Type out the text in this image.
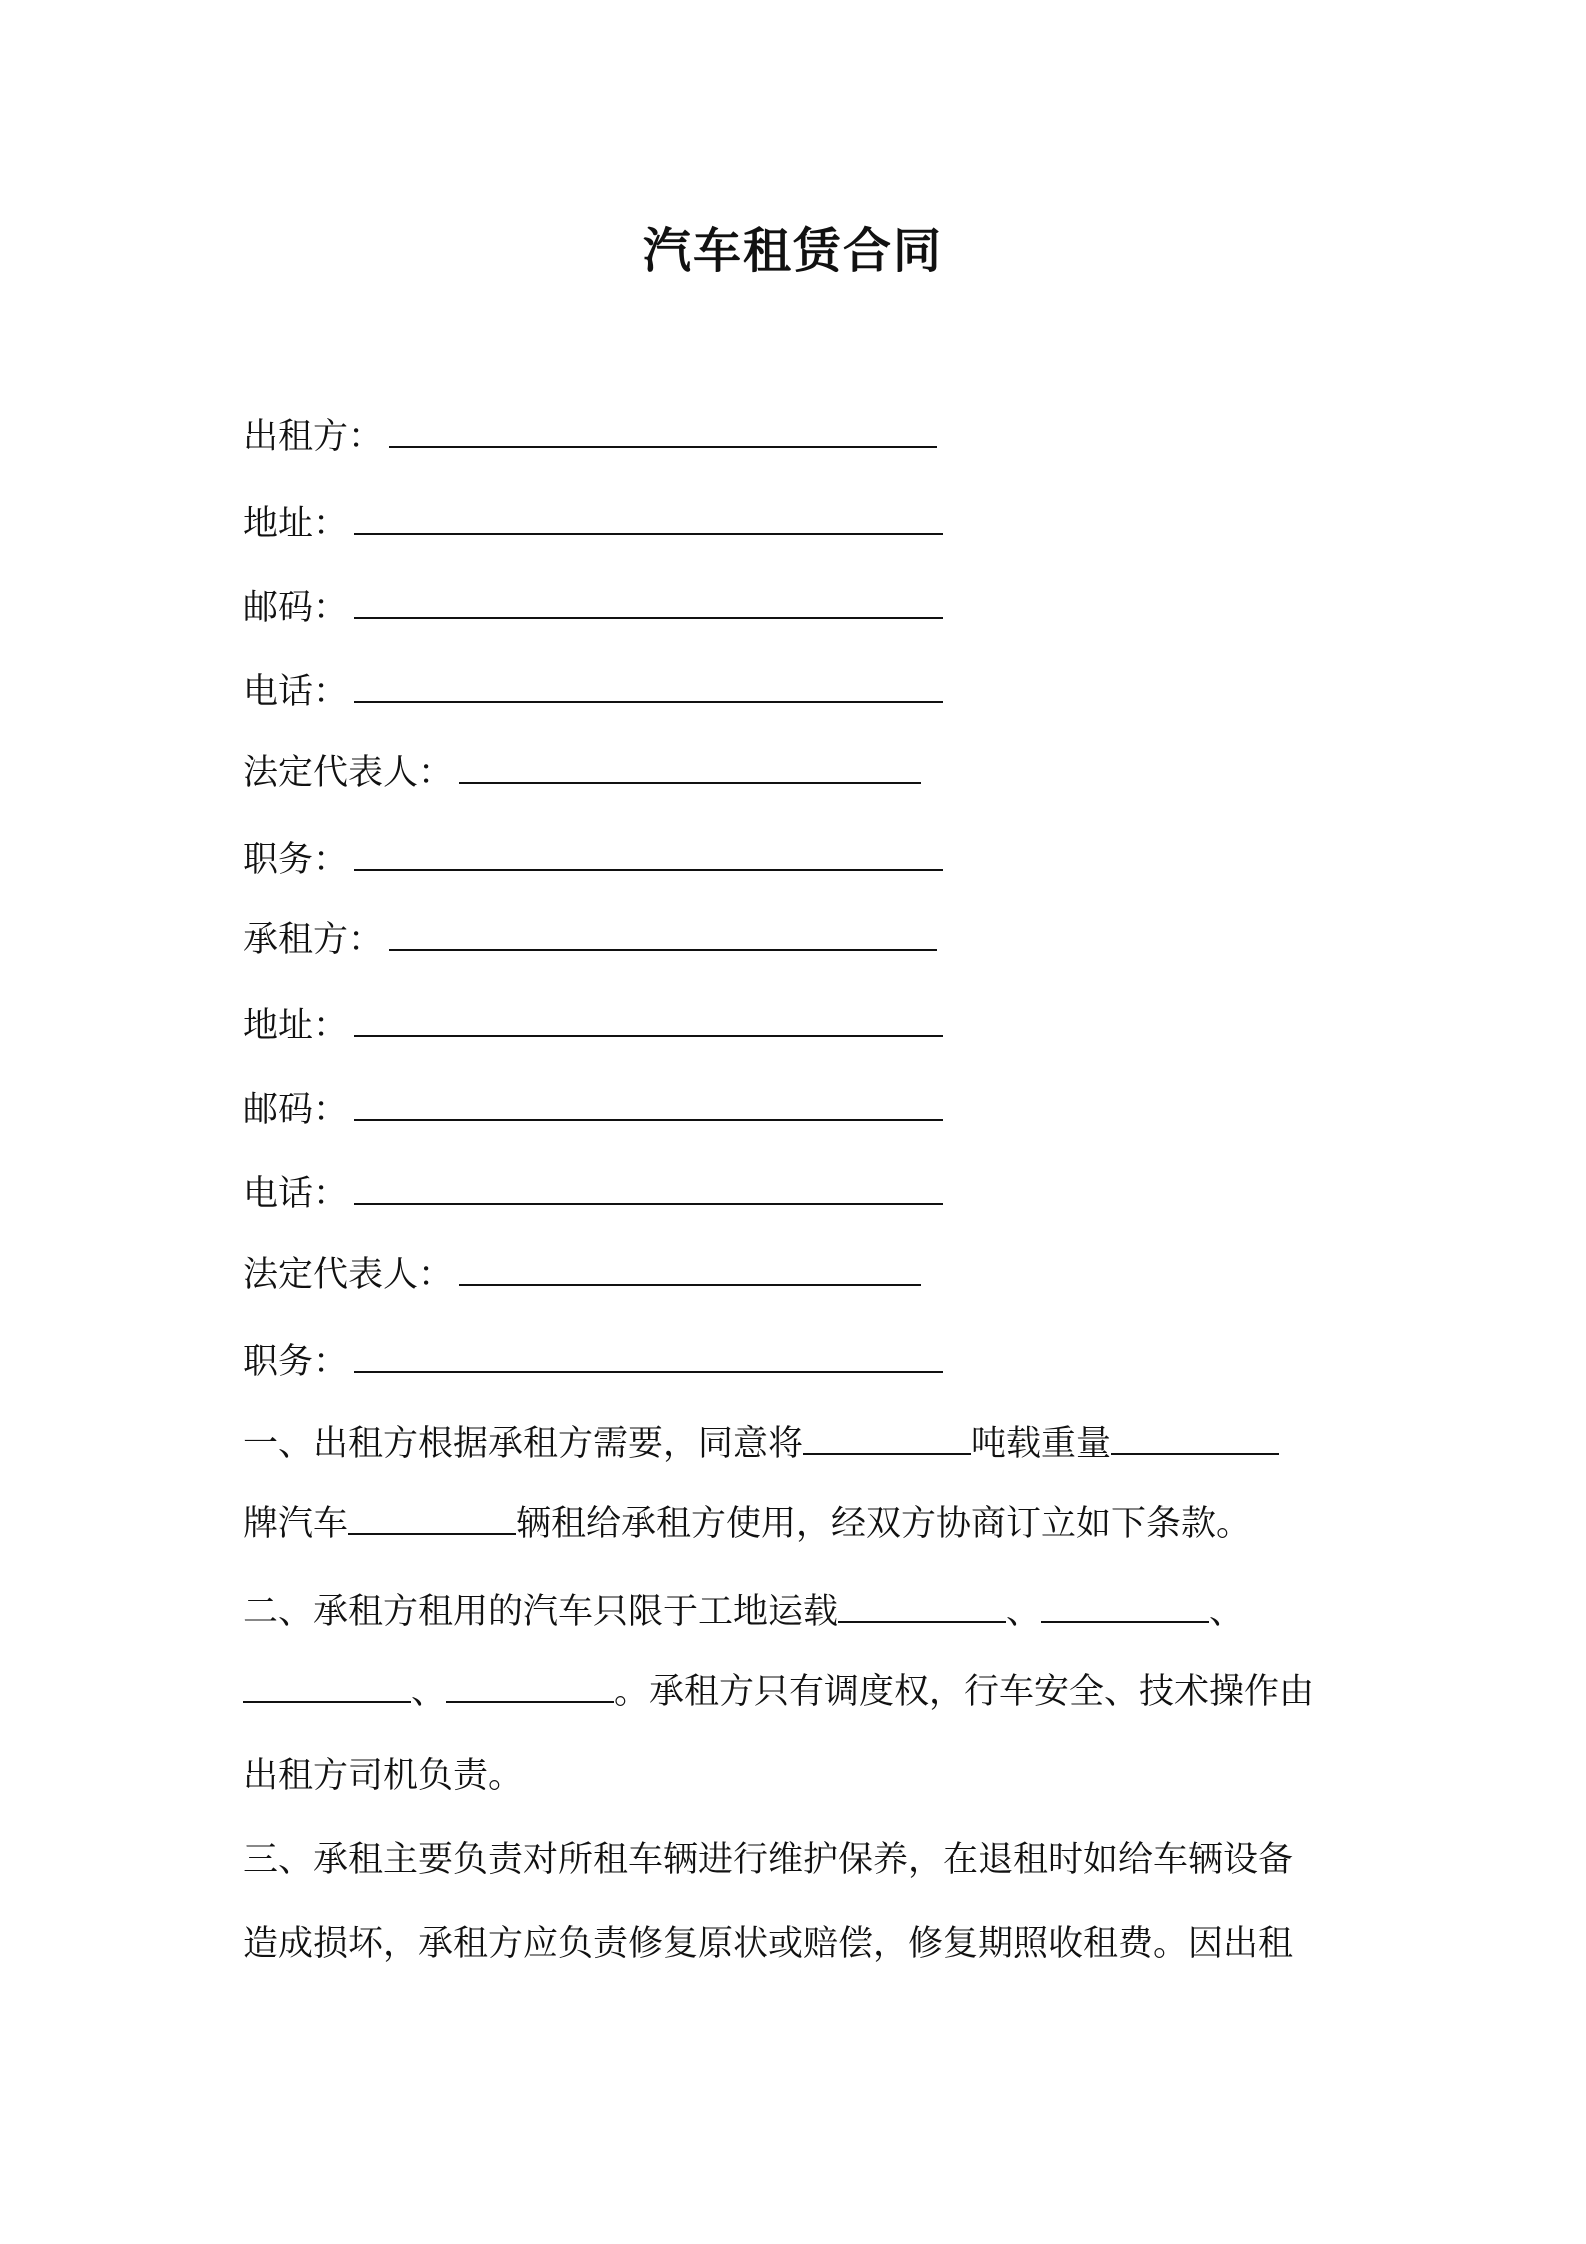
汽车租赁合同
出租方：
地址：
邮码：
电话：
法定代表人：
职务：
承租方：
地址：
邮码：
电话：
法定代表人：
职务：
一、出租方根据承租方需要，同意将	吨载重量
牌汽车	辆租给承租方使用，经双方协商订立如下条款。
二、承租方租用的汽车只限于工地运载	、	、
、	。承租方只有调度权，行车安全、技术操作由
出租方司机负责。
三、承租主要负责对所租车辆进行维护保养，在退租时如给车辆设备
造成损坏，承租方应负责修复原状或赔偿，修复期照收租费。因出租
